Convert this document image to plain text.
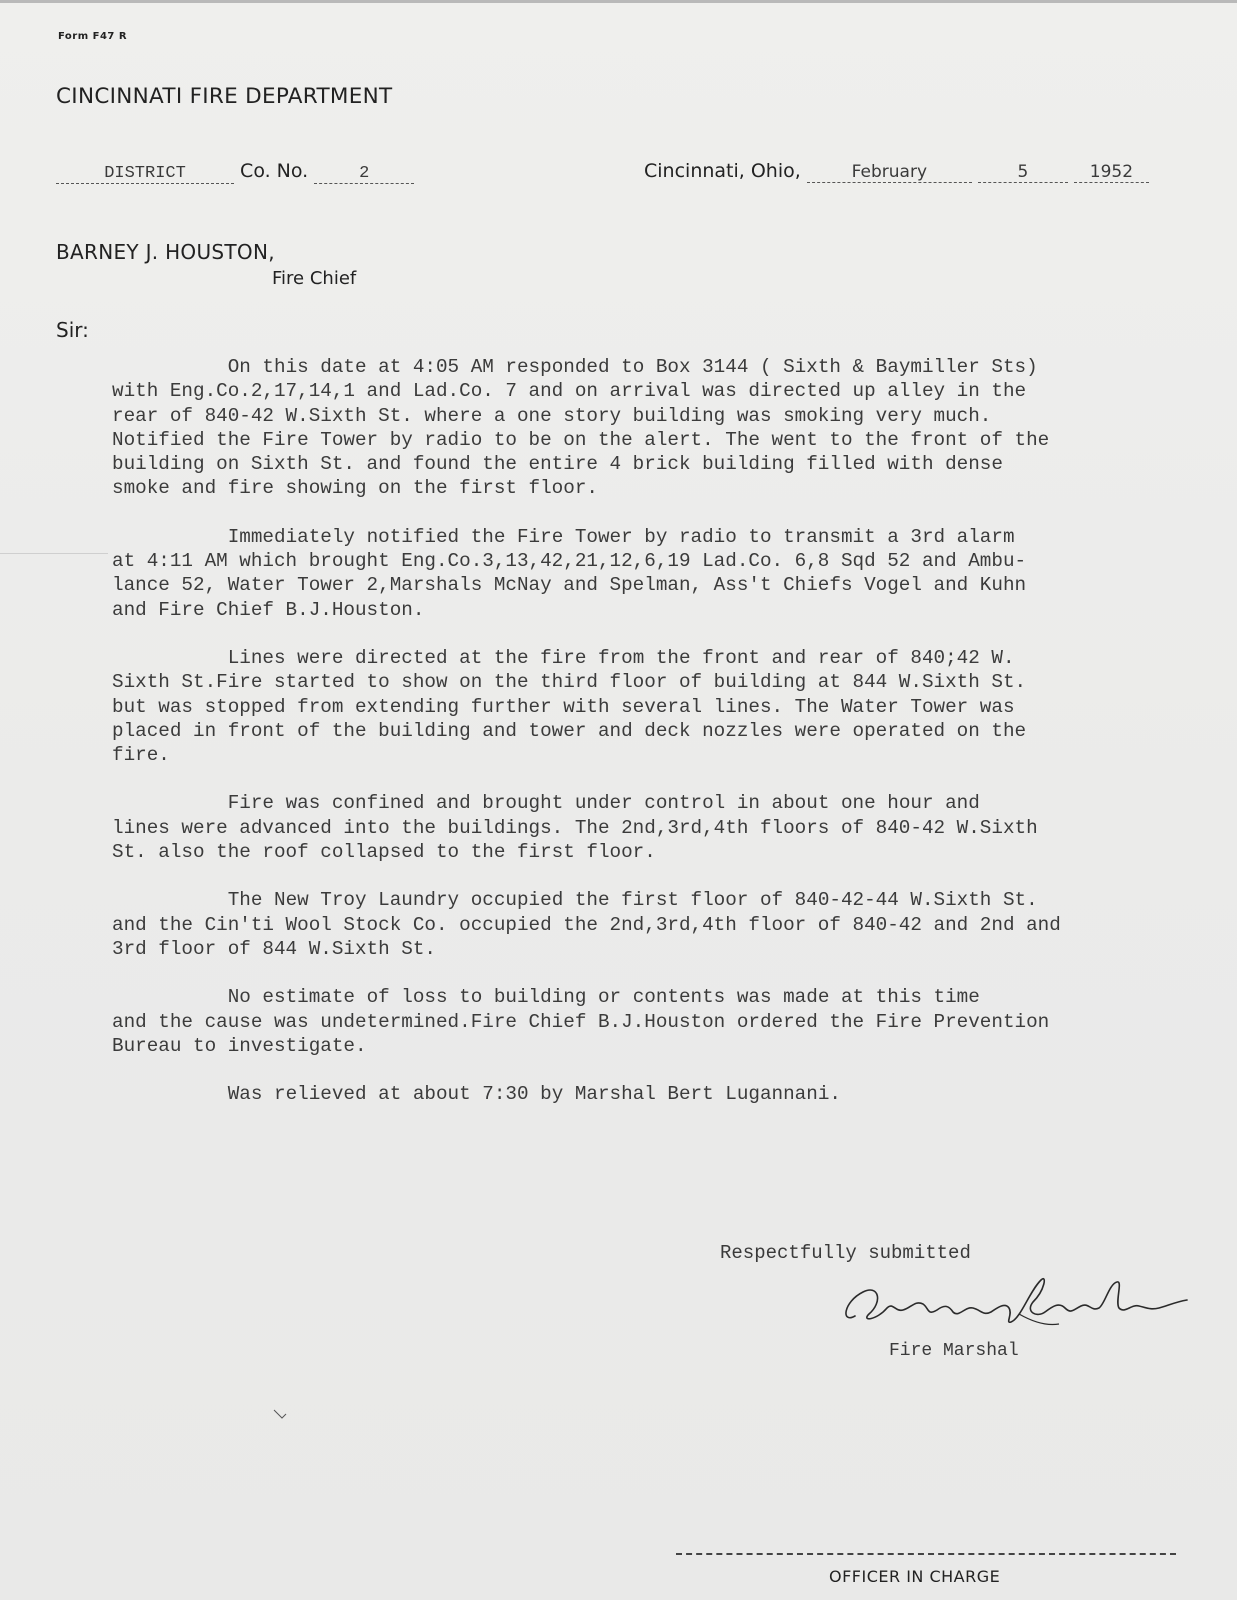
Form F47 R
CINCINNATI FIRE DEPARTMENT
DISTRICT	Co. No.	2	Cincinnati, Ohio,	February	5	1952
BARNEY J. HOUSTON,
Fire Chief
Sir:

On this date at 4:05 AM responded to Box 3144 ( Sixth & Baymiller Sts)
with Eng.Co.2,17,14,1 and Lad.Co. 7 and on arrival was directed up alley in the
rear of 840-42 W.Sixth St. where a one story building was smoking very much.
Notified the Fire Tower by radio to be on the alert. The went to the front of the
building on Sixth St. and found the entire 4 brick building filled with dense
smoke and fire showing on the first floor.

Immediately notified the Fire Tower by radio to transmit a 3rd alarm
at 4:11 AM which brought Eng.Co.3,13,42,21,12,6,19 Lad.Co. 6,8 Sqd 52 and Ambu-
lance 52, Water Tower 2,Marshals McNay and Spelman, Ass't Chiefs Vogel and Kuhn
and Fire Chief B.J.Houston.

Lines were directed at the fire from the front and rear of 840;42 W.
Sixth St.Fire started to show on the third floor of building at 844 W.Sixth St.
but was stopped from extending further with several lines. The Water Tower was
placed in front of the building and tower and deck nozzles were operated on the
fire.

Fire was confined and brought under control in about one hour and
lines were advanced into the buildings. The 2nd,3rd,4th floors of 840-42 W.Sixth
St. also the roof collapsed to the first floor.

The New Troy Laundry occupied the first floor of 840-42-44 W.Sixth St.
and the Cin'ti Wool Stock Co. occupied the 2nd,3rd,4th floor of 840-42 and 2nd and
3rd floor of 844 W.Sixth St.

No estimate of loss to building or contents was made at this time
and the cause was undetermined.Fire Chief B.J.Houston ordered the Fire Prevention
Bureau to investigate.

Was relieved at about 7:30 by Marshal Bert Lugannani.

Respectfully submitted
Fire Marshal
OFFICER IN CHARGE
